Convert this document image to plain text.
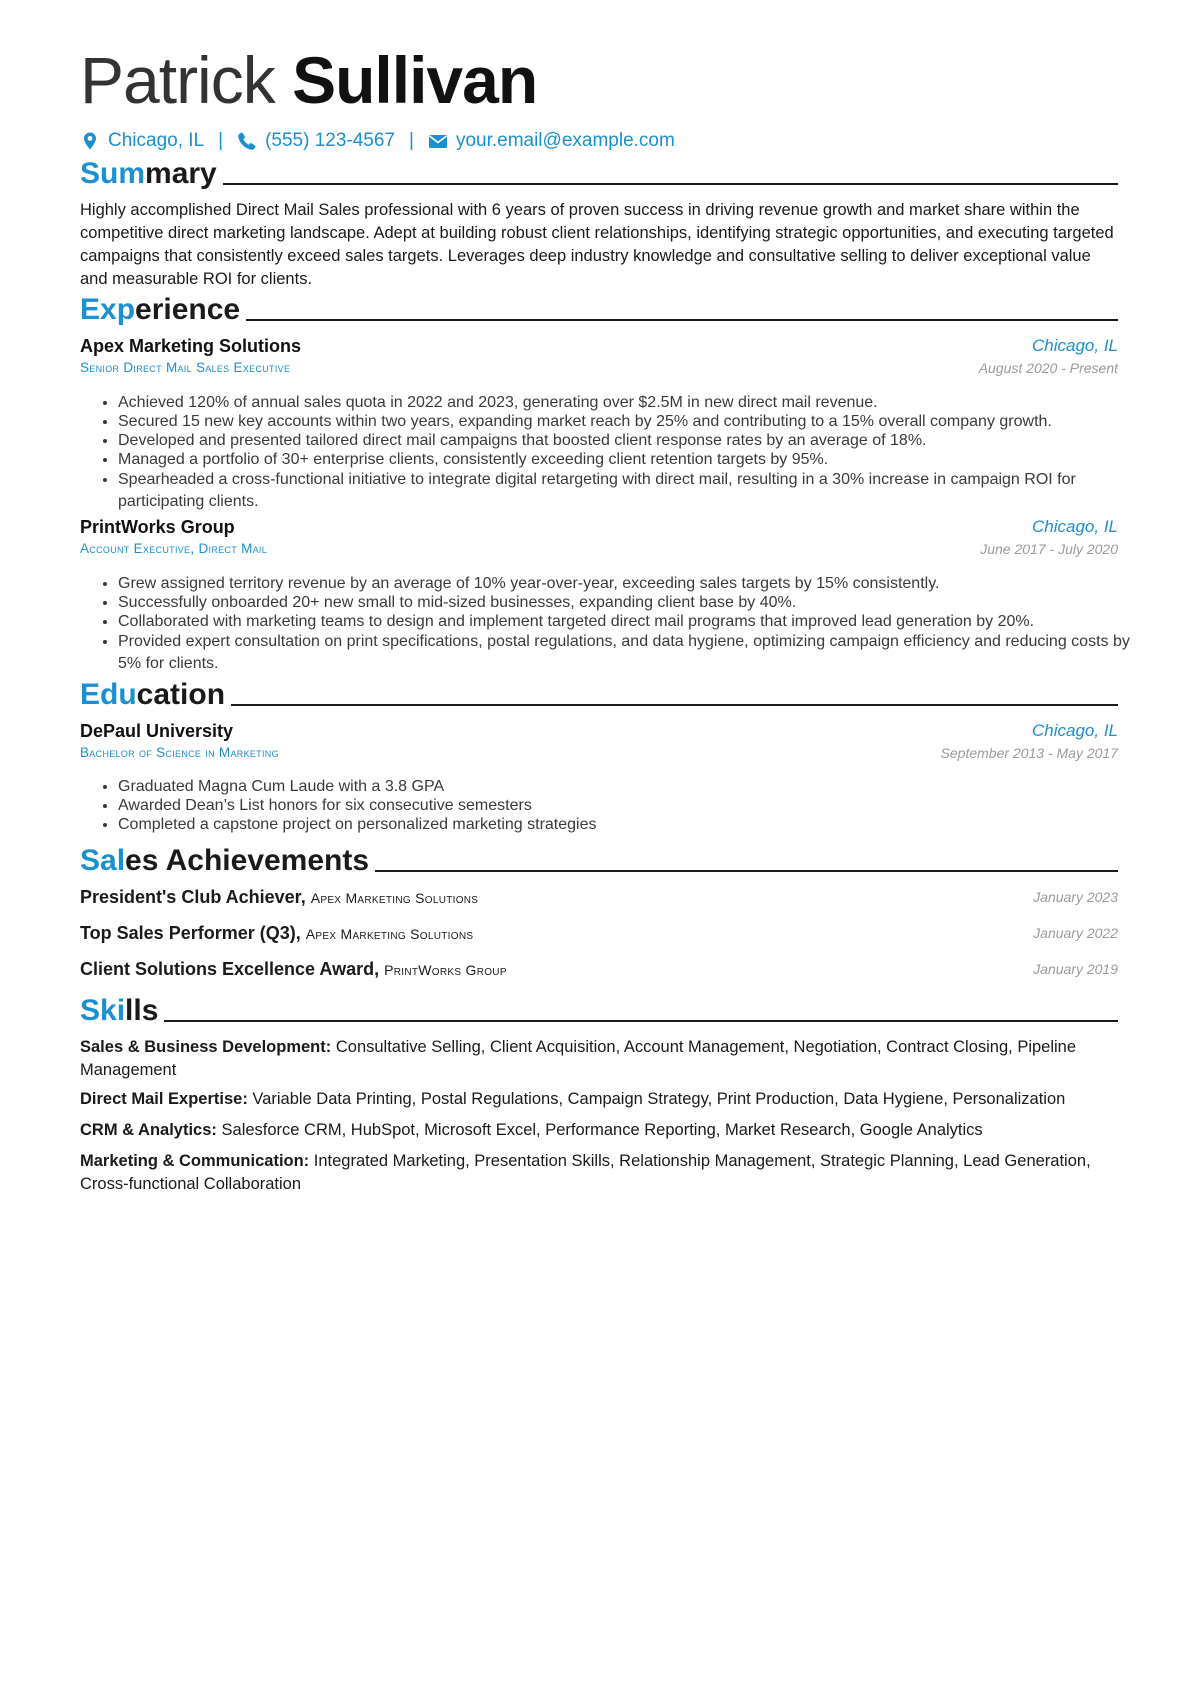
Patrick Sullivan
Chicago, IL | (555) 123-4567 | your.email@example.com
Summary
Highly accomplished Direct Mail Sales professional with 6 years of proven success in driving revenue growth and market share within the competitive direct marketing landscape. Adept at building robust client relationships, identifying strategic opportunities, and executing targeted campaigns that consistently exceed sales targets. Leverages deep industry knowledge and consultative selling to deliver exceptional value and measurable ROI for clients.
Experience
Apex Marketing Solutions	Chicago, IL
Senior Direct Mail Sales Executive	August 2020 - Present
• Achieved 120% of annual sales quota in 2022 and 2023, generating over $2.5M in new direct mail revenue.
• Secured 15 new key accounts within two years, expanding market reach by 25% and contributing to a 15% overall company growth.
• Developed and presented tailored direct mail campaigns that boosted client response rates by an average of 18%.
• Managed a portfolio of 30+ enterprise clients, consistently exceeding client retention targets by 95%.
• Spearheaded a cross-functional initiative to integrate digital retargeting with direct mail, resulting in a 30% increase in campaign ROI for participating clients.
PrintWorks Group	Chicago, IL
Account Executive, Direct Mail	June 2017 - July 2020
• Grew assigned territory revenue by an average of 10% year-over-year, exceeding sales targets by 15% consistently.
• Successfully onboarded 20+ new small to mid-sized businesses, expanding client base by 40%.
• Collaborated with marketing teams to design and implement targeted direct mail programs that improved lead generation by 20%.
• Provided expert consultation on print specifications, postal regulations, and data hygiene, optimizing campaign efficiency and reducing costs by 5% for clients.
Education
DePaul University	Chicago, IL
Bachelor of Science in Marketing	September 2013 - May 2017
• Graduated Magna Cum Laude with a 3.8 GPA
• Awarded Dean’s List honors for six consecutive semesters
• Completed a capstone project on personalized marketing strategies
Sales Achievements
President's Club Achiever, Apex Marketing Solutions	January 2023
Top Sales Performer (Q3), Apex Marketing Solutions	January 2022
Client Solutions Excellence Award, PrintWorks Group	January 2019
Skills
Sales & Business Development: Consultative Selling, Client Acquisition, Account Management, Negotiation, Contract Closing, Pipeline Management
Direct Mail Expertise: Variable Data Printing, Postal Regulations, Campaign Strategy, Print Production, Data Hygiene, Personalization
CRM & Analytics: Salesforce CRM, HubSpot, Microsoft Excel, Performance Reporting, Market Research, Google Analytics
Marketing & Communication: Integrated Marketing, Presentation Skills, Relationship Management, Strategic Planning, Lead Generation, Cross-functional Collaboration
